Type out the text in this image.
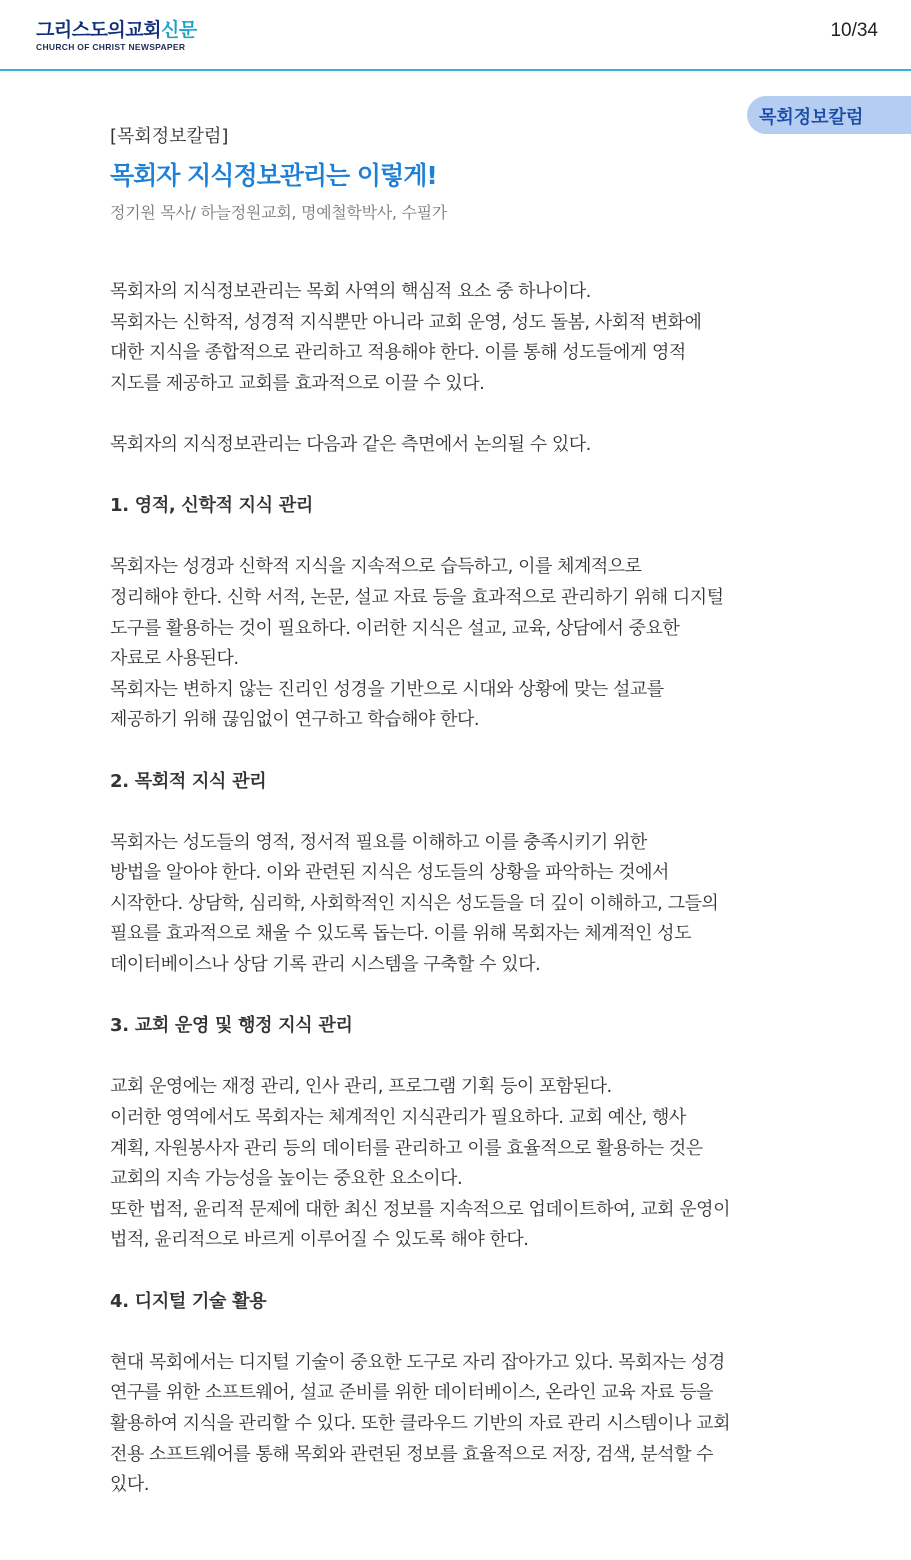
그리스도의교회신문
CHURCH OF CHRIST NEWSPAPER
10/34
목회정보칼럼
[목회정보칼럼]
목회자 지식정보관리는 이렇게!
정기원 목사/ 하늘정원교회, 명예철학박사, 수필가
목회자의 지식정보관리는 목회 사역의 핵심적 요소 중 하나이다.
목회자는 신학적, 성경적 지식뿐만 아니라 교회 운영, 성도 돌봄, 사회적 변화에
대한 지식을 종합적으로 관리하고 적용해야 한다. 이를 통해 성도들에게 영적
지도를 제공하고 교회를 효과적으로 이끌 수 있다.
목회자의 지식정보관리는 다음과 같은 측면에서 논의될 수 있다.
1. 영적, 신학적 지식 관리
목회자는 성경과 신학적 지식을 지속적으로 습득하고, 이를 체계적으로
정리해야 한다. 신학 서적, 논문, 설교 자료 등을 효과적으로 관리하기 위해 디지털
도구를 활용하는 것이 필요하다. 이러한 지식은 설교, 교육, 상담에서 중요한
자료로 사용된다.
목회자는 변하지 않는 진리인 성경을 기반으로 시대와 상황에 맞는 설교를
제공하기 위해 끊임없이 연구하고 학습해야 한다.
2. 목회적 지식 관리
목회자는 성도들의 영적, 정서적 필요를 이해하고 이를 충족시키기 위한
방법을 알아야 한다. 이와 관련된 지식은 성도들의 상황을 파악하는 것에서
시작한다. 상담학, 심리학, 사회학적인 지식은 성도들을 더 깊이 이해하고, 그들의
필요를 효과적으로 채울 수 있도록 돕는다. 이를 위해 목회자는 체계적인 성도
데이터베이스나 상담 기록 관리 시스템을 구축할 수 있다.
3. 교회 운영 및 행정 지식 관리
교회 운영에는 재정 관리, 인사 관리, 프로그램 기획 등이 포함된다.
이러한 영역에서도 목회자는 체계적인 지식관리가 필요하다. 교회 예산, 행사
계획, 자원봉사자 관리 등의 데이터를 관리하고 이를 효율적으로 활용하는 것은
교회의 지속 가능성을 높이는 중요한 요소이다.
또한 법적, 윤리적 문제에 대한 최신 정보를 지속적으로 업데이트하여, 교회 운영이
법적, 윤리적으로 바르게 이루어질 수 있도록 해야 한다.
4. 디지털 기술 활용
현대 목회에서는 디지털 기술이 중요한 도구로 자리 잡아가고 있다. 목회자는 성경
연구를 위한 소프트웨어, 설교 준비를 위한 데이터베이스, 온라인 교육 자료 등을
활용하여 지식을 관리할 수 있다. 또한 클라우드 기반의 자료 관리 시스템이나 교회
전용 소프트웨어를 통해 목회와 관련된 정보를 효율적으로 저장, 검색, 분석할 수
있다.
